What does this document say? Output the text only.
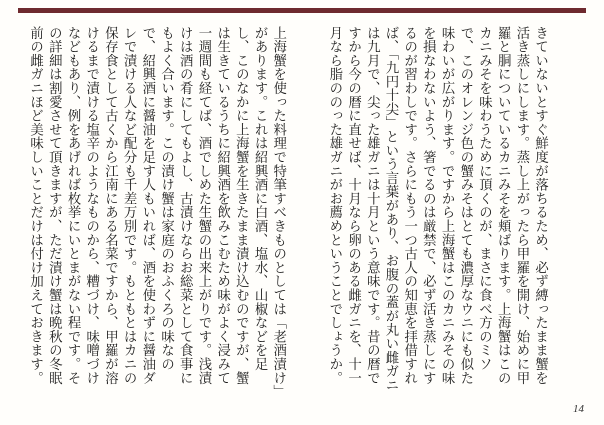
きていないとすぐ鮮度が落ちるため、必ず縛ったまま蟹を活き蒸しにします。蒸し上がったら甲羅を開け、始めに甲羅と胴についているカニみそを頬ばります。上海蟹はこのカニみそを味わうために頂くのが、まさに食べ方のミソで、このオレンジ色の蟹みそはとても濃厚なウニにも似た味わいが広がります。ですから上海蟹はこのカニみその味を損なわないよう、箸でるのは厳禁で、必ず活き蒸しにするのが習わしです。さらにもう一つ古人の知恵を拝借すれば、「九円十尖」という言葉があり、お腹の蓋が丸い雌ガニは九月で、尖った雄ガニは十月という意味です。昔の暦ですから今の暦に直せば、十月なら卵のある雌ガニを、十一月なら脂ののった雄ガニがお薦めということでしょうか。

上海蟹を使った料理で特筆すべきものとしては「老酒漬け」があります。これは紹興酒に白酒、塩水、山椒などを足し、このなかに上海蟹を生きたまま漬け込むのですが、蟹は生きているうちに紹興酒を飲みこむため味がよく浸みて一週間も経てば、酒でしめた生蟹の出来上がりです。浅漬けは酒の肴にしてもよし、古漬けならお総菜として食事にもよく合います。この漬け蟹は家庭のおふくろの味なので、紹興酒に醤油を足す人もいれば、酒を使わずに醤油ダレで漬ける人など配分も千差万別です。もともとはカニの保存食として古くから江南にある名菜ですから、甲羅が溶けるまで漬ける塩辛のようなものから、糟づけ、味噌づけなどもあり、例をあげれば枚挙にいとまがない程です。その詳細は割愛させて頂きますが、ただ漬け蟹は晩秋の冬眠前の雌ガニほど美味しいことだけは付け加えておきます。

14
